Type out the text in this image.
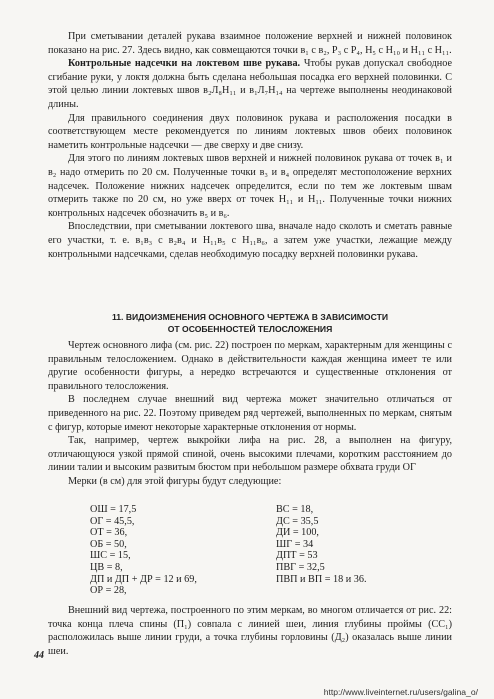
При сметывании деталей рукава взаимное положение верхней и нижней половинок показано на рис. 27. Здесь видно, как совмещаются точки в₁ с в₂, Р₃ с Р₄, Н₅ с Н₁₀ и Н₁₁ с Н₁₁.

Контрольные надсечки на локтевом шве рукава. Чтобы рукав допускал свободное сгибание руки, у локтя должна быть сделана небольшая посадка его верхней половинки. С этой целью линии локтевых швов в₂Л₈Н₁₁ и в₁Л₇Н₁₄ на чертеже выполнены неодинаковой длины.

Для правильного соединения двух половинок рукава и расположения посадки в соответствующем месте рекомендуется по линиям локтевых швов обеих половинок наметить контрольные надсечки — две сверху и две снизу.

Для этого по линиям локтевых швов верхней и нижней половинок рукава от точек в₁ и в₂ надо отмерить по 20 см. Полученные точки в₃ и в₄ определят местоположение верхних надсечек. Положение нижних надсечек определится, если по тем же локтевым швам отмерить также по 20 см, но уже вверх от точек Н₁₁ и Н₁₁. Полученные точки нижних контрольных надсечек обозначить в₅ и в₆.

Впоследствии, при сметывании локтевого шва, вначале надо сколоть и сметать равные его участки, т. е. в₁в₃ с в₂в₄ и Н₁₁в₅ с Н₁₁в₆, а затем уже участки, лежащие между контрольными надсечками, сделав необходимую посадку верхней половинки рукава.

11. ВИДОИЗМЕНЕНИЯ ОСНОВНОГО ЧЕРТЕЖА В ЗАВИСИМОСТИ
ОТ ОСОБЕННОСТЕЙ ТЕЛОСЛОЖЕНИЯ

Чертеж основного лифа (см. рис. 22) построен по меркам, характерным для женщины с правильным телосложением. Однако в действительности каждая женщина имеет те или другие особенности фигуры, а нередко встречаются и существенные отклонения от правильного телосложения.

В последнем случае внешний вид чертежа может значительно отличаться от приведенного на рис. 22. Поэтому приведем ряд чертежей, выполненных по меркам, снятым с фигур, которые имеют некоторые характерные отклонения от нормы.

Так, например, чертеж выкройки лифа на рис. 28, а выполнен на фигуру, отличающуюся узкой прямой спиной, очень высокими плечами, коротким расстоянием до линии талии и высоким развитым бюстом при небольшом размере обхвата груди ОГ

Мерки (в см) для этой фигуры будут следующие:

ОШ = 17,5
ОГ = 45,5,
ОТ = 36,
ОБ = 50,
ШС = 15,
ЦВ = 8,
ДП и ДП + ДР = 12 и 69,
ОР = 28,
ВС = 18,
ДС = 35,5
ДИ = 100,
ШГ = 34
ДПТ = 53
ПВГ = 32,5
ПВП и ВП = 18 и 36.

Внешний вид чертежа, построенного по этим меркам, во многом отличается от рис. 22: точка конца плеча спины (П₁) совпала с линией шеи, линия глубины проймы (СС₁) расположилась выше линии груди, а точка глубины горловины (Д₂) оказалась выше линии шеи.

44
http://www.liveinternet.ru/users/galina_o/
